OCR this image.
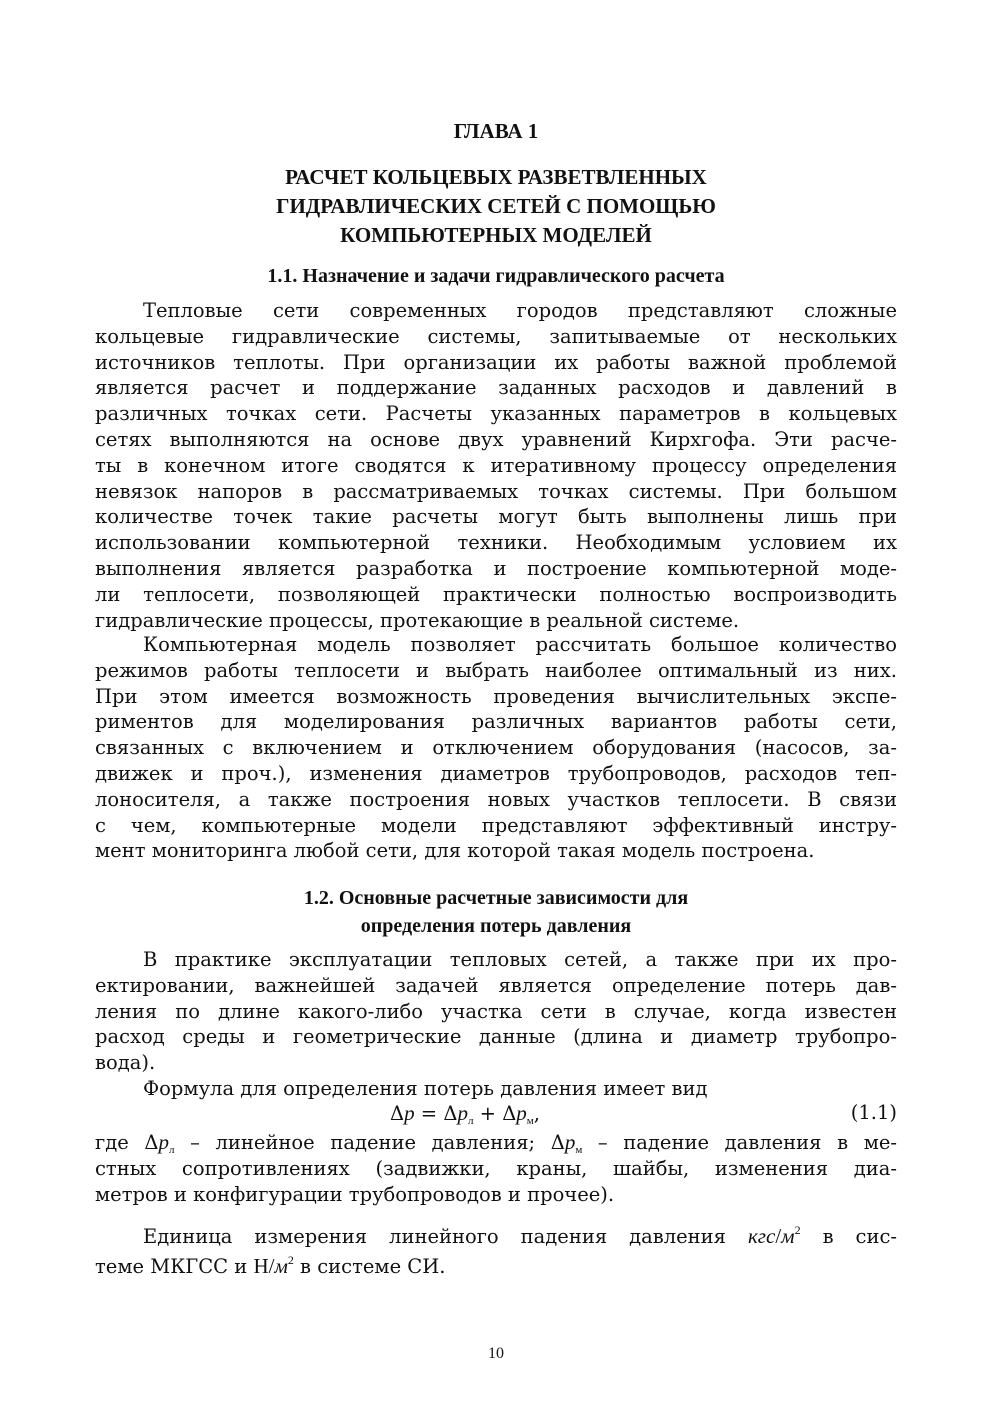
ГЛАВА 1
РАСЧЕТ КОЛЬЦЕВЫХ РАЗВЕТВЛЕННЫХ
ГИДРАВЛИЧЕСКИХ СЕТЕЙ С ПОМОЩЬЮ
КОМПЬЮТЕРНЫХ МОДЕЛЕЙ
1.1. Назначение и задачи гидравлического расчета
Тепловые сети современных городов представляют сложные
кольцевые гидравлические системы, запитываемые от нескольких
источников теплоты. При организации их работы важной проблемой
является расчет и поддержание заданных расходов и давлений в
различных точках сети. Расчеты указанных параметров в кольцевых
сетях выполняются на основе двух уравнений Кирхгофа. Эти расче-
ты в конечном итоге сводятся к итеративному процессу определения
невязок напоров в рассматриваемых точках системы. При большом
количестве точек такие расчеты могут быть выполнены лишь при
использовании компьютерной техники. Необходимым условием их
выполнения является разработка и построение компьютерной моде-
ли теплосети, позволяющей практически полностью воспроизводить
гидравлические процессы, протекающие в реальной системе.
Компьютерная модель позволяет рассчитать большое количество
режимов работы теплосети и выбрать наиболее оптимальный из них.
При этом имеется возможность проведения вычислительных экспе-
риментов для моделирования различных вариантов работы сети,
связанных с включением и отключением оборудования (насосов, за-
движек и проч.), изменения диаметров трубопроводов, расходов теп-
лоносителя, а также построения новых участков теплосети. В связи
с чем, компьютерные модели представляют эффективный инстру-
мент мониторинга любой сети, для которой такая модель построена.
1.2. Основные расчетные зависимости для
определения потерь давления
В практике эксплуатации тепловых сетей, а также при их про-
ектировании, важнейшей задачей является определение потерь дав-
ления по длине какого-либо участка сети в случае, когда известен
расход среды и геометрические данные (длина и диаметр трубопро-
вода).
Формула для определения потерь давления имеет вид
$\Delta p = \Delta p_л + \Delta p_м$,	(1.1)
где $\Delta p_л$ – линейное падение давления; $\Delta p_м$ – падение давления в ме-
стных сопротивлениях (задвижки, краны, шайбы, изменения диа-
метров и конфигурации трубопроводов и прочее).
Единица измерения линейного падения давления кгс/$м^2$ в сис-
теме МКГСС и $Н/м^2$ в системе СИ.
10
